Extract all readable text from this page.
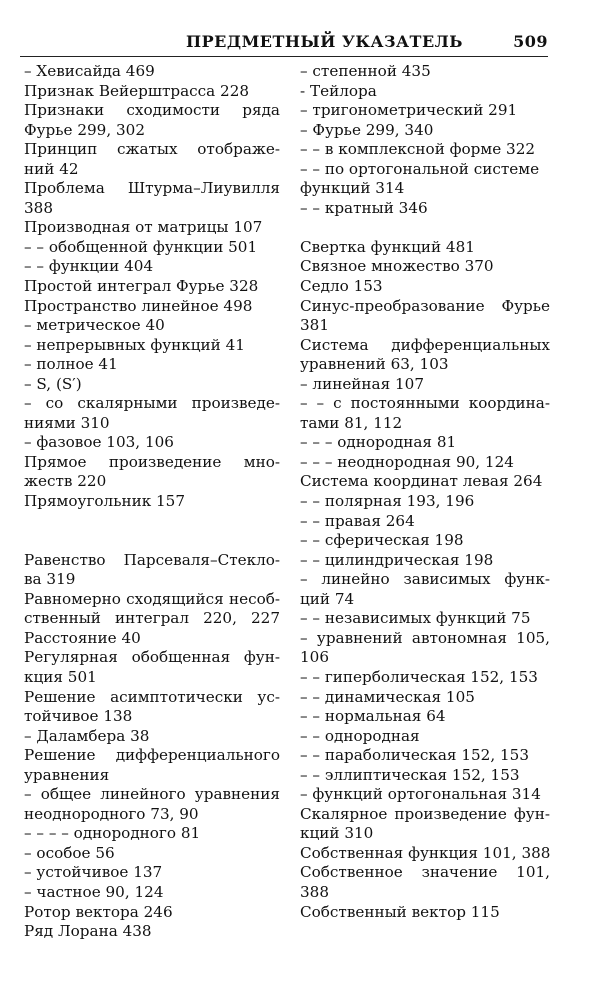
ПРЕДМЕТНЫЙ УКАЗАТЕЛЬ	509
– Хевисайда 469
Признак Вейерштрасса 228
Признаки сходимости ряда
Фурье 299, 302
Принцип сжатых отображе-
ний 42
Проблема Штурма–Лиувилля
388
Производная от матрицы 107
– – обобщенной функции 501
– – функции 404
Простой интеграл Фурье 328
Пространство линейное 498
– метрическое 40
– непрерывных функций 41
– полное 41
– S, (S′)
– со скалярными произведе-
ниями 310
– фазовое 103, 106
Прямое произведение мно-
жеств 220
Прямоугольник 157
Равенство Парсеваля–Стекло-
ва 319
Равномерно сходящийся несоб-
ственный интеграл 220, 227
Расстояние 40
Регулярная обобщенная фун-
кция 501
Решение асимптотически ус-
тойчивое 138
– Даламбера 38
Решение дифференциального
уравнения
– общее линейного уравнения
неоднородного 73, 90
– – – – однородного 81
– особое 56
– устойчивое 137
– частное 90, 124
Ротор вектора 246
Ряд Лорана 438
– степенной 435
- Тейлора
– тригонометрический 291
– Фурье 299, 340
– – в комплексной форме 322
– – по ортогональной системе
функций 314
– – кратный 346
Свертка функций 481
Связное множество 370
Седло 153
Синус-преобразование Фурье
381
Система дифференциальных
уравнений 63, 103
– линейная 107
– – с постоянными координа-
тами 81, 112
– – – однородная 81
– – – неоднородная 90, 124
Система координат левая 264
– – полярная 193, 196
– – правая 264
– – сферическая 198
– – цилиндрическая 198
– линейно зависимых функ-
ций 74
– – независимых функций 75
– уравнений автономная 105,
106
– – гиперболическая 152, 153
– – динамическая 105
– – нормальная 64
– – однородная
– – параболическая 152, 153
– – эллиптическая 152, 153
– функций ортогональная 314
Скалярное произведение фун-
кций 310
Собственная функция 101, 388
Собственное значение 101,
388
Собственный вектор 115
